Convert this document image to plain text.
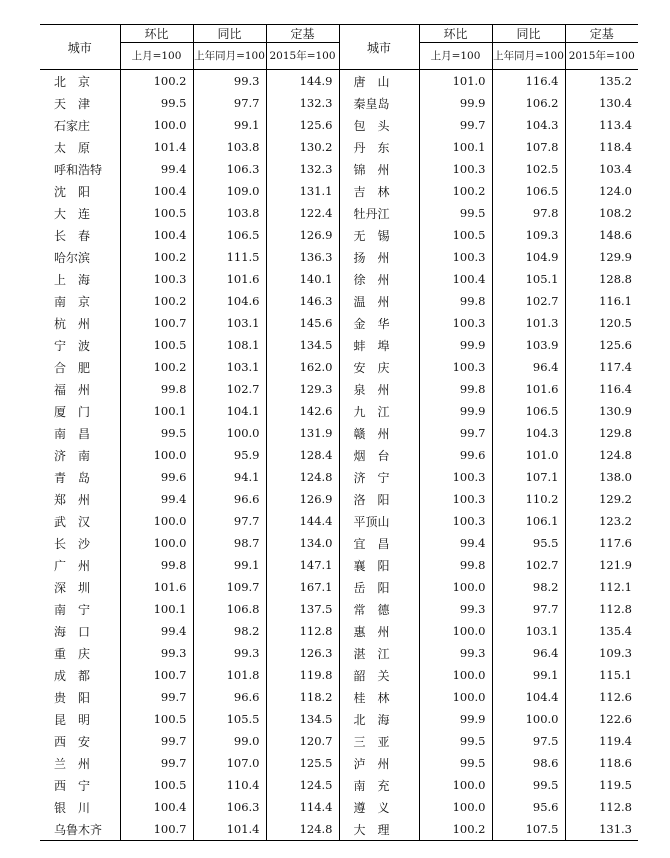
城市	环比	同比	定基	城市	环比	同比	定基
	上月=100	上年同月=100	2015年=100		上月=100	上年同月=100	2015年=100
北　京	100.2	99.3	144.9	唐　山	101.0	116.4	135.2
天　津	99.5	97.7	132.3	秦皇岛	99.9	106.2	130.4
石家庄	100.0	99.1	125.6	包　头	99.7	104.3	113.4
太　原	101.4	103.8	130.2	丹　东	100.1	107.8	118.4
呼和浩特	99.4	106.3	132.3	锦　州	100.3	102.5	103.4
沈　阳	100.4	109.0	131.1	吉　林	100.2	106.5	124.0
大　连	100.5	103.8	122.4	牡丹江	99.5	97.8	108.2
长　春	100.4	106.5	126.9	无　锡	100.5	109.3	148.6
哈尔滨	100.2	111.5	136.3	扬　州	100.3	104.9	129.9
上　海	100.3	101.6	140.1	徐　州	100.4	105.1	128.8
南　京	100.2	104.6	146.3	温　州	99.8	102.7	116.1
杭　州	100.7	103.1	145.6	金　华	100.3	101.3	120.5
宁　波	100.5	108.1	134.5	蚌　埠	99.9	103.9	125.6
合　肥	100.2	103.1	162.0	安　庆	100.3	96.4	117.4
福　州	99.8	102.7	129.3	泉　州	99.8	101.6	116.4
厦　门	100.1	104.1	142.6	九　江	99.9	106.5	130.9
南　昌	99.5	100.0	131.9	赣　州	99.7	104.3	129.8
济　南	100.0	95.9	128.4	烟　台	99.6	101.0	124.8
青　岛	99.6	94.1	124.8	济　宁	100.3	107.1	138.0
郑　州	99.4	96.6	126.9	洛　阳	100.3	110.2	129.2
武　汉	100.0	97.7	144.4	平顶山	100.3	106.1	123.2
长　沙	100.0	98.7	134.0	宜　昌	99.4	95.5	117.6
广　州	99.8	99.1	147.1	襄　阳	99.8	102.7	121.9
深　圳	101.6	109.7	167.1	岳　阳	100.0	98.2	112.1
南　宁	100.1	106.8	137.5	常　德	99.3	97.7	112.8
海　口	99.4	98.2	112.8	惠　州	100.0	103.1	135.4
重　庆	99.3	99.3	126.3	湛　江	99.3	96.4	109.3
成　都	100.7	101.8	119.8	韶　关	100.0	99.1	115.1
贵　阳	99.7	96.6	118.2	桂　林	100.0	104.4	112.6
昆　明	100.5	105.5	134.5	北　海	99.9	100.0	122.6
西　安	99.7	99.0	120.7	三　亚	99.5	97.5	119.4
兰　州	99.7	107.0	125.5	泸　州	99.5	98.6	118.6
西　宁	100.5	110.4	124.5	南　充	100.0	99.5	119.5
银　川	100.4	106.3	114.4	遵　义	100.0	95.6	112.8
乌鲁木齐	100.7	101.4	124.8	大　理	100.2	107.5	131.3
